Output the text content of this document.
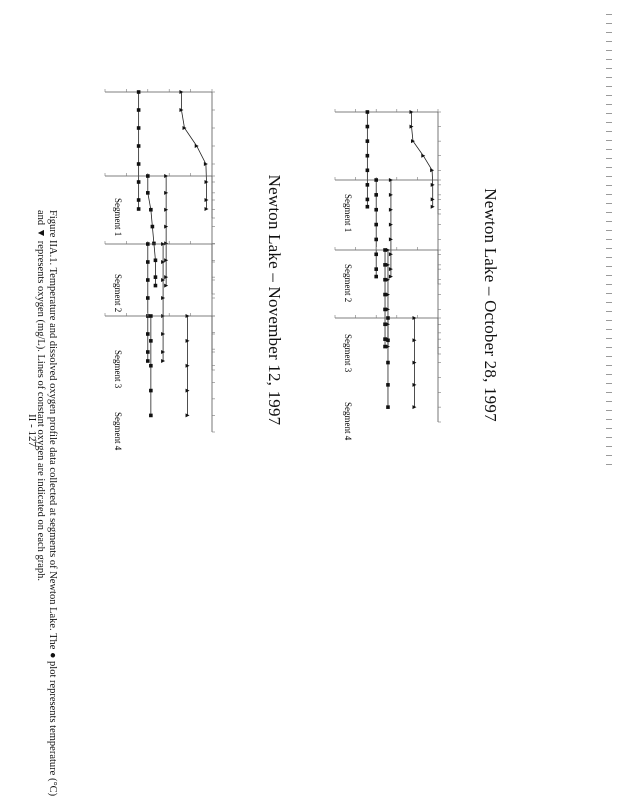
Newton Lake – October 28, 1997
Newton Lake – November 12, 1997
Figure IIA.1. Temperature and dissolved oxygen profile data collected at segments of Newton Lake. The ● plot represents temperature (°C)
and ▼ represents oxygen (mg/L). Lines of constant oxygen are indicated on each graph.
II - 127
Segment 1
Segment 2
Segment 3
Segment 4
Segment 1
Segment 2
Segment 3
Segment 4
